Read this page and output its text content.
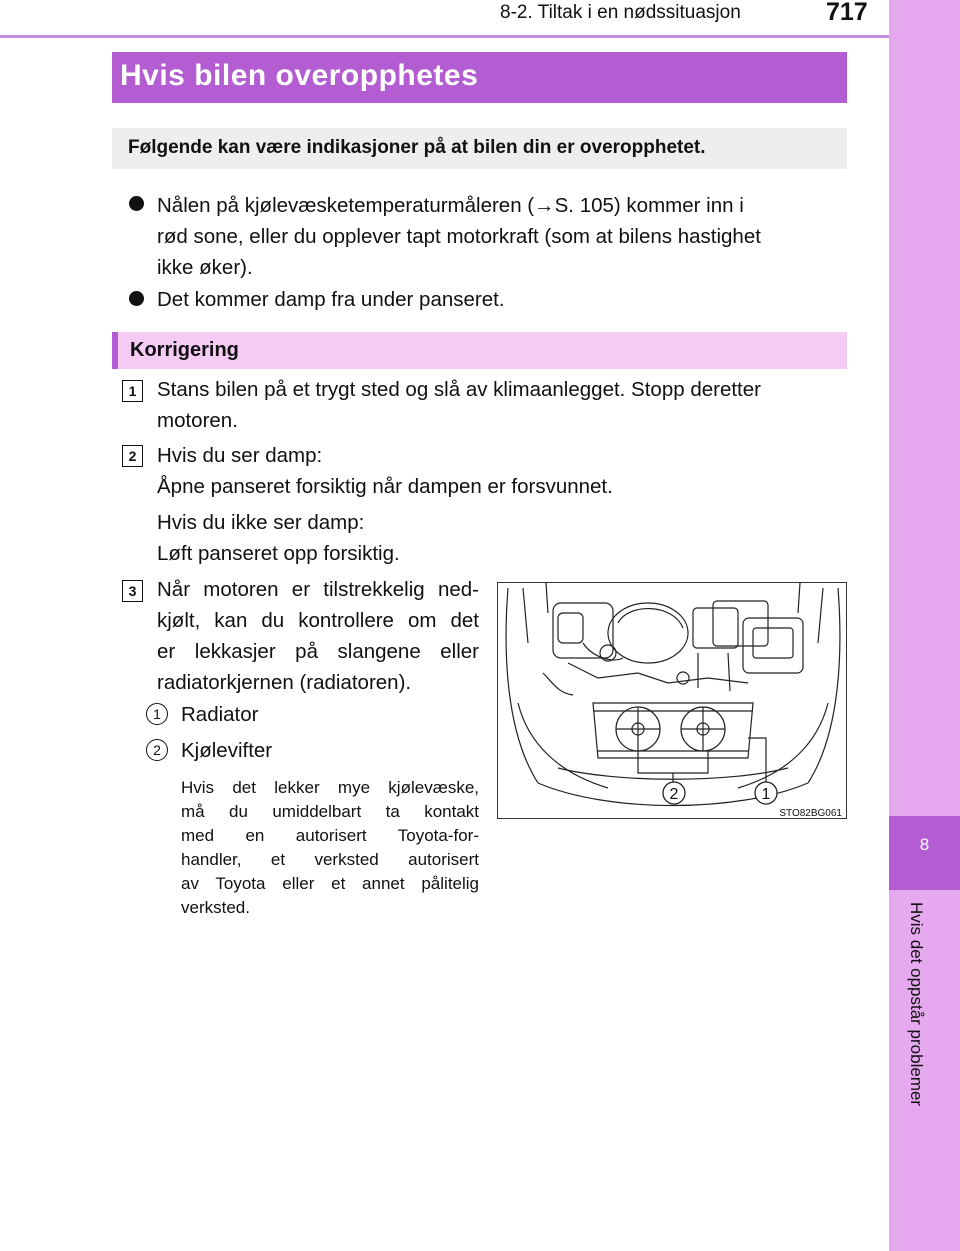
8-2. Tiltak i en nødssituasjon	717
8
Hvis det oppstår problemer
Hvis bilen overopphetes
Følgende kan være indikasjoner på at bilen din er overopphetet.
Nålen på kjølevæsketemperaturmåleren (→S. 105) kommer inn i
rød sone, eller du opplever tapt motorkraft (som at bilens hastighet
ikke øker).
Det kommer damp fra under panseret.
Korrigering
1	Stans bilen på et trygt sted og slå av klimaanlegget. Stopp deretter
motoren.
2	Hvis du ser damp:
Åpne panseret forsiktig når dampen er forsvunnet.
Hvis du ikke ser damp:
Løft panseret opp forsiktig.
3	Når motoren er tilstrekkelig ned-
kjølt, kan du kontrollere om det
er lekkasjer på slangene eller
radiatorkjernen (radiatoren).
1 Radiator
2 Kjølevifter
Hvis det lekker mye kjølevæske,
må du umiddelbart ta kontakt
med en autorisert Toyota-for-
handler, et verksted autorisert
av Toyota eller et annet pålitelig
verksted.
2	1
STO82BG061
